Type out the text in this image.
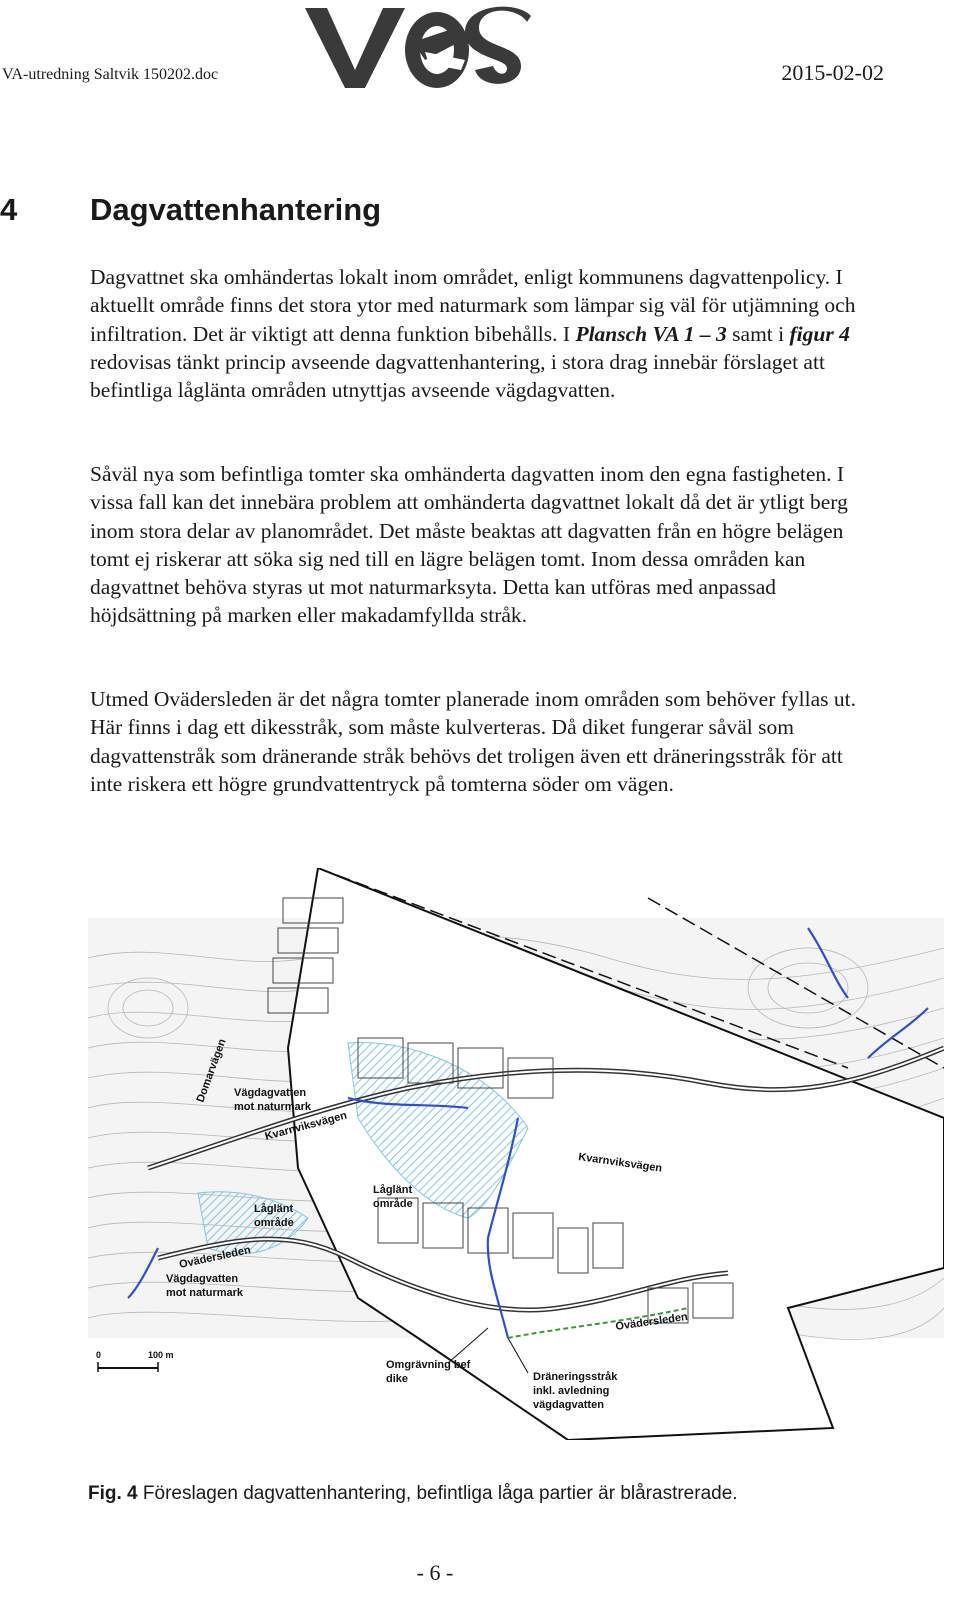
VA-utredning Saltvik 150202.doc	2015-02-02
4 Dagvattenhantering

Dagvattnet ska omhändertas lokalt inom området, enligt kommunens dagvattenpolicy. I aktuellt område finns det stora ytor med naturmark som lämpar sig väl för utjämning och infiltration. Det är viktigt att denna funktion bibehålls. I Plansch VA 1 – 3 samt i figur 4 redovisas tänkt princip avseende dagvattenhantering, i stora drag innebär förslaget att befintliga låglänta områden utnyttjas avseende vägdagvatten.

Såväl nya som befintliga tomter ska omhänderta dagvatten inom den egna fastigheten. I vissa fall kan det innebära problem att omhänderta dagvattnet lokalt då det är ytligt berg inom stora delar av planområdet. Det måste beaktas att dagvatten från en högre belägen tomt ej riskerar att söka sig ned till en lägre belägen tomt. Inom dessa områden kan dagvattnet behöva styras ut mot naturmarksyta. Detta kan utföras med anpassad höjdsättning på marken eller makadamfyllda stråk.

Utmed Ovädersleden är det några tomter planerade inom områden som behöver fyllas ut. Här finns i dag ett dikesstråk, som måste kulverteras. Då diket fungerar såväl som dagvattenstråk som dränerande stråk behövs det troligen även ett dräneringsstråk för att inte riskera ett högre grundvattentryck på tomterna söder om vägen.

0	100 m
Domarvägen Vägdagvatten
mot naturmark
Kvarnviksvägen
Låglänt
område
Kvarnviksvägen
Låglänt
område
Ovädersleden
Vägdagvatten
mot naturmark
Ovädersleden
Omgrävning bef
dike	Dräneringsstråk
inkl. avledning
vägdagvatten
Fig. 4 Föreslagen dagvattenhantering, befintliga låga partier är blårastrerade.
- 6 -
